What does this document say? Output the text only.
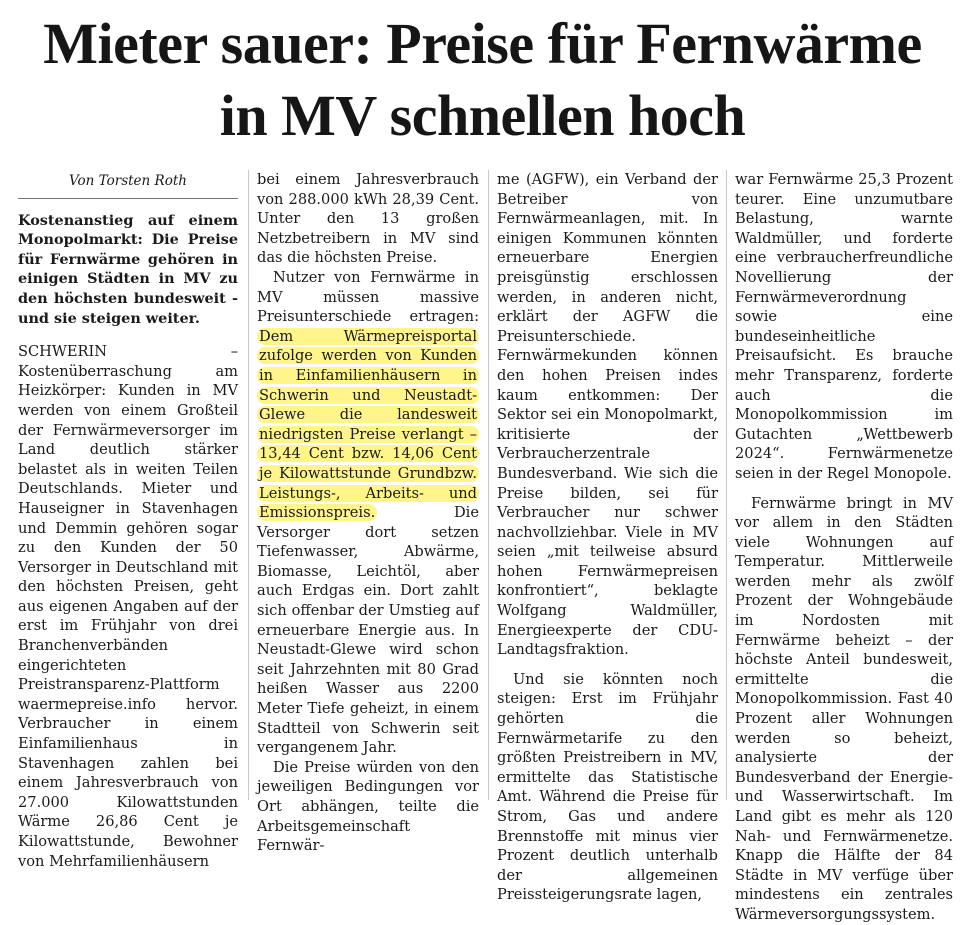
Mieter sauer: Preise für Fernwärme
in MV schnellen hoch

Von Torsten Roth

Kostenanstieg auf einem Monopolmarkt: Die Preise für Fernwärme gehören in einigen Städten in MV zu den höchsten bundesweit - und sie steigen weiter.

SCHWERIN – Kostenüberraschung am Heizkörper: Kunden in MV werden von einem Großteil der Fernwärmeversorger im Land deutlich stärker belastet als in weiten Teilen Deutschlands. Mieter und Hauseigner in Stavenhagen und Demmin gehören sogar zu den Kunden der 50 Versorger in Deutschland mit den höchsten Preisen, geht aus eigenen Angaben auf der erst im Frühjahr von drei Branchenverbänden eingerichteten Preistransparenz-Plattform waermepreise.info hervor. Verbraucher in einem Einfamilienhaus in Stavenhagen zahlen bei einem Jahresverbrauch von 27.000 Kilowattstunden Wärme 26,86 Cent je Kilowattstunde, Bewohner von Mehrfamilienhäusern

bei einem Jahresverbrauch von 288.000 kWh 28,39 Cent. Unter den 13 großen Netzbetreibern in MV sind das die höchsten Preise.

Nutzer von Fernwärme in MV müssen massive Preisunterschiede ertragen: Dem Wärmepreisportal zufolge werden von Kunden in Einfamilienhäusern in Schwerin und Neustadt-Glewe die landesweit niedrigsten Preise verlangt – 13,44 Cent bzw. 14,06 Cent je Kilowattstunde Grundbzw. Leistungs-, Arbeits- und Emissionspreis. Die Versorger dort setzen Tiefenwasser, Abwärme, Biomasse, Leichtöl, aber auch Erdgas ein. Dort zahlt sich offenbar der Umstieg auf erneuerbare Energie aus. In Neustadt-Glewe wird schon seit Jahrzehnten mit 80 Grad heißen Wasser aus 2200 Meter Tiefe geheizt, in einem Stadtteil von Schwerin seit vergangenem Jahr.

Die Preise würden von den jeweiligen Bedingungen vor Ort abhängen, teilte die Arbeitsgemeinschaft Fernwär-

me (AGFW), ein Verband der Betreiber von Fernwärmeanlagen, mit. In einigen Kommunen könnten erneuerbare Energien preisgünstig erschlossen werden, in anderen nicht, erklärt der AGFW die Preisunterschiede. Fernwärmekunden können den hohen Preisen indes kaum entkommen: Der Sektor sei ein Monopolmarkt, kritisierte der Verbraucherzentrale Bundesverband. Wie sich die Preise bilden, sei für Verbraucher nur schwer nachvollziehbar. Viele in MV seien „mit teilweise absurd hohen Fernwärmepreisen konfrontiert“, beklagte Wolfgang Waldmüller, Energieexperte der CDU-Landtagsfraktion.

Und sie könnten noch steigen: Erst im Frühjahr gehörten die Fernwärmetarife zu den größten Preistreibern in MV, ermittelte das Statistische Amt. Während die Preise für Strom, Gas und andere Brennstoffe mit minus vier Prozent deutlich unterhalb der allgemeinen Preissteigerungsrate lagen,

war Fernwärme 25,3 Prozent teurer. Eine unzumutbare Belastung, warnte Waldmüller, und forderte eine verbraucherfreundliche Novellierung der Fernwärmeverordnung sowie eine bundeseinheitliche Preisaufsicht. Es brauche mehr Transparenz, forderte auch die Monopolkommission im Gutachten „Wettbewerb 2024“. Fernwärmenetze seien in der Regel Monopole.

Fernwärme bringt in MV vor allem in den Städten viele Wohnungen auf Temperatur. Mittlerweile werden mehr als zwölf Prozent der Wohngebäude im Nordosten mit Fernwärme beheizt – der höchste Anteil bundesweit, ermittelte die Monopolkommission. Fast 40 Prozent aller Wohnungen werden so beheizt, analysierte der Bundesverband der Energie- und Wasserwirtschaft. Im Land gibt es mehr als 120 Nah- und Fernwärmenetze. Knapp die Hälfte der 84 Städte in MV verfüge über mindestens ein zentrales Wärmeversorgungssystem.
